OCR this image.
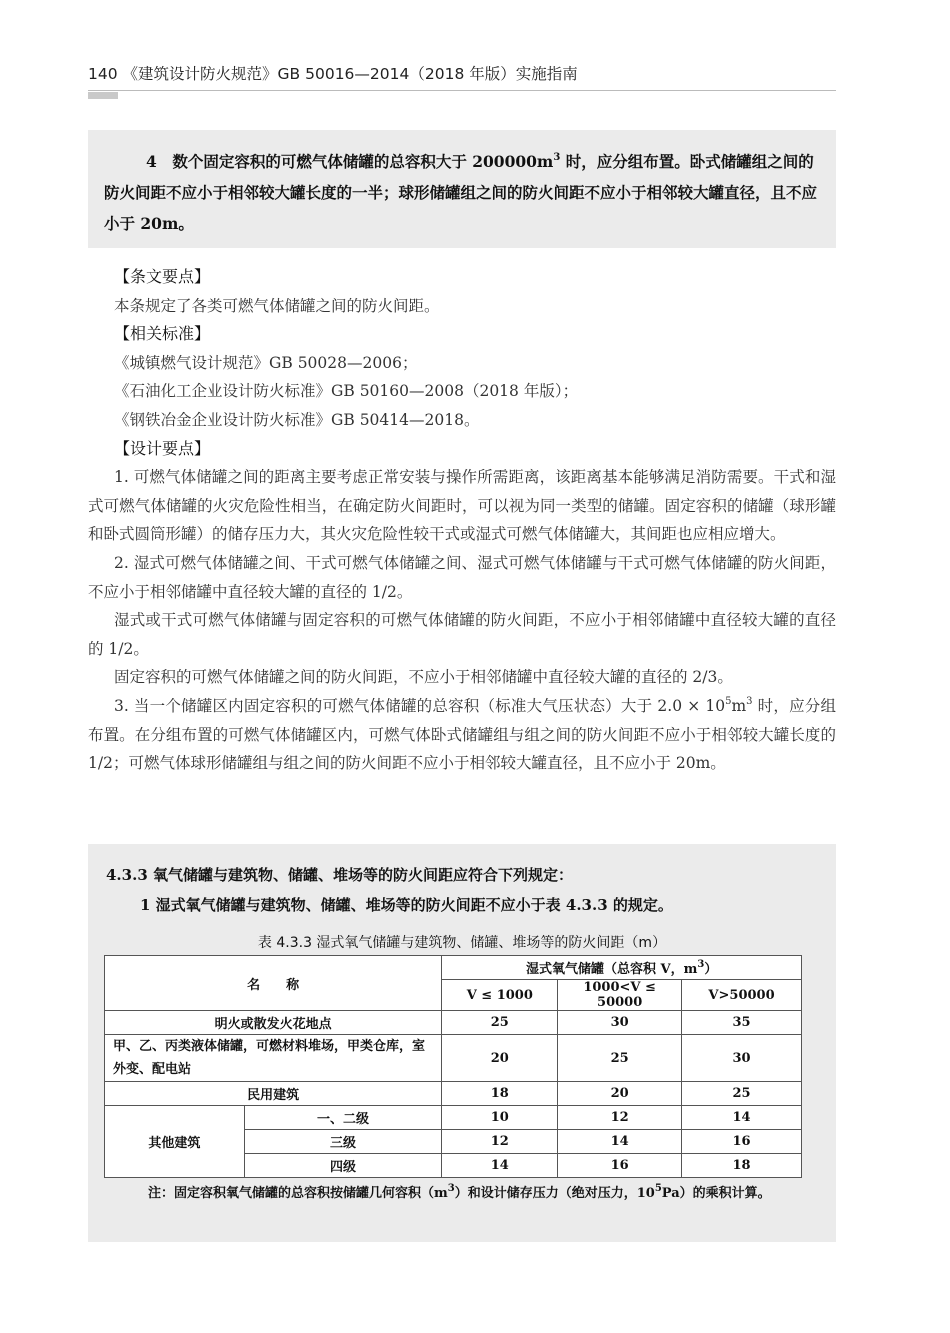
140 《建筑设计防火规范》GB 50016—2014（2018 年版）实施指南

4　 数个固定容积的可燃气体储罐的总容积大于 $200000m^3$ 时，应分组布置。卧式储罐组之间的防火间距不应小于相邻较大罐长度的一半；球形储罐组之间的防火间距不应小于相邻较大罐直径，且不应小于 20m。

【条文要点】

本条规定了各类可燃气体储罐之间的防火间距。

【相关标准】

《城镇燃气设计规范》GB 50028—2006；

《石油化工企业设计防火标准》GB 50160—2008（2018 年版）；

《钢铁冶金企业设计防火标准》GB 50414—2018。

【设计要点】

1. 可燃气体储罐之间的距离主要考虑正常安装与操作所需距离，该距离基本能够满足消防需要。干式和湿式可燃气体储罐的火灾危险性相当，在确定防火间距时，可以视为同一类型的储罐。固定容积的储罐（球形罐和卧式圆筒形罐）的储存压力大，其火灾危险性较干式或湿式可燃气体储罐大，其间距也应相应增大。

2. 湿式可燃气体储罐之间、干式可燃气体储罐之间、湿式可燃气体储罐与干式可燃气体储罐的防火间距，不应小于相邻储罐中直径较大罐的直径的 1/2。

湿式或干式可燃气体储罐与固定容积的可燃气体储罐的防火间距，不应小于相邻储罐中直径较大罐的直径的 1/2。

固定容积的可燃气体储罐之间的防火间距，不应小于相邻储罐中直径较大罐的直径的 2/3。

3. 当一个储罐区内固定容积的可燃气体储罐的总容积（标准大气压状态）大于 $2.0 \times 10^5m^3$ 时，应分组布置。在分组布置的可燃气体储罐区内，可燃气体卧式储罐组与组之间的防火间距不应小于相邻较大罐长度的 1/2；可燃气体球形储罐组与组之间的防火间距不应小于相邻较大罐直径，且不应小于 20m。

4.3.3 氧气储罐与建筑物、储罐、堆场等的防火间距应符合下列规定：
1 湿式氧气储罐与建筑物、储罐、堆场等的防火间距不应小于表 4.3.3 的规定。
表 4.3.3 湿式氧气储罐与建筑物、储罐、堆场等的防火间距（m）
名　　称		湿式氧气储罐（总容积 V，$m^3$）		
		V ≤ 1000	1000<V ≤ 50000	V>50000
明火或散发火花地点		25	30	35
甲、乙、丙类液体储罐，可燃材料堆场，甲类仓库，室外变、配电站		20	25	30
民用建筑		18	20	25
其他建筑	一、二级	10	12	14
	三级	12	14	16
	四级	14	16	18
注：固定容积氧气储罐的总容积按储罐几何容积$(m^3)$和设计储存压力（绝对压力，$10^5Pa$）的乘积计算。
